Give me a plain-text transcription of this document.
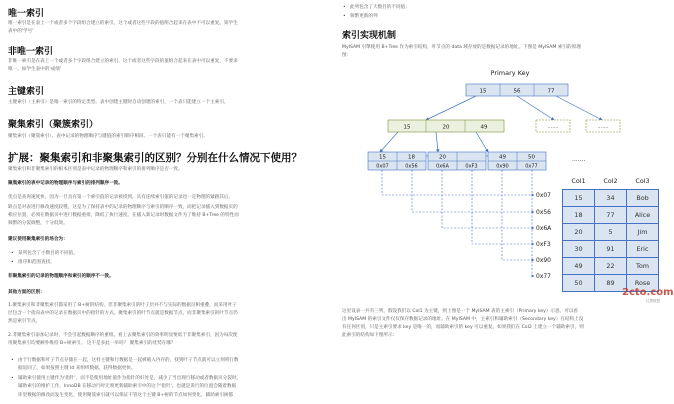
唯一索引
唯一索引是在表上一个或者多个字段组合建立的索引，这个或者这些字段的值组合起来在表中不可以重复。知学生
表中的'学号'
非唯一索引
非唯一索引是在表上一个或者多个字段组合建立的索引，这个或者这些字段的值组合起来在表中可以重复，不要求
唯一。如学生表中的'成绩'
主键索引
主键索引（主索引）是唯一索引的特定类型。表中创建主键时自动创建的索引，一个表只能建立一个主索引。
聚集索引（聚簇索引）
聚集索引（聚簇索引），表中记录的物理顺序与键值的索引顺序相同。一个表只能有一个聚集索引。
扩展：聚集索引和非聚集索引的区别？分别在什么情况下使用？
聚集索引和非聚集索引的根本区别是表中记录的物理顺序和索引的排列顺序是否一致。
聚集索引的表中记录的物理顺序与索引的排列顺序一致。
优点是查询速度快，因为一旦具有第一个索引值的记录被找到，具有连续索引值的记录也一定物理的紧跟其后。
缺点是对表进行修改速度较慢，这是为了保持表中的记录的物理顺序与索引的顺序一致，而把记录插入到数据页的
相应位置，必须在数据页中进行数据重排，降低了执行速度。在插入新记录时数据文件为了维持 B+Tree 的特性而
频繁的分裂调整，十分低效。
建议使用聚集索引的场合为：
• 某列包含了小数目的不同值。
• 排序和范围查找。
非聚集索引的记录的物理顺序和索引的顺序不一致。
其他方面的区别：
1.聚集索引和非聚集索引都采用了 B+树的结构，但非聚集索引的叶子层并不与实际的数据页相重叠，而采用叶子
层包含一个指向表中的记录在数据页中的指针的方式。聚集索引的叶节点就是数据节点，而非聚集索引的叶节点仍
然是索引节点。
2.非聚集索引添加记录时，不会引起数据顺序的重组。看上去聚集索引的效率明显要低于非聚集索引，因为每次使
用聚集索引均要额外维持 B+树索引。 这不是多此一举吗？ 聚集索引的优势在哪？
• 由于行数据和叶子节点存储在一起，这样主键和行数据是一起被载入内存的，找到叶子节点就可以立刻将行数
据返回了，如果按照主键 Id 来组织数据，获得数据更快。
• 辅助索引使用主键作为'指针'，而不是使用地址值作为指针的好处是，减少了当出现行移动或者数据页分裂时，
辅助索引的维护工作，InnoDB 在移动行时无须更新辅助索引中的这个'指针'。也就是说行的位置会随着数据
库里数据的修改而发生变化，使用聚簇索引就可以保证不管这个主键 B+树的节点如何变化，辅助索引树都
• 此列包含了大数目的不同值；
• 频繁更新的列
索引实现机制
MyISAM 引擎使用 B+Tree 作为索引结构，叶节点的 data 域存放的是数据记录的地址。下图是 MyISAM 索引的原理
图：
Primary Key
15	56	77
15	20	49	.......	.......
15	18
0x07	0x56
20
0x6A	0xF3
49	50
0x90	0x77
.......
0x07
0x56
0x6A
0xF3
0x90
0x77
Col1	Col2	Col3
15	34	Bob
18	77	Alice
20	5	Jim
30	91	Eric
49	22	Tom
50	89	Rose
2cto.com
红黑联盟
这里设表一共有三列，假设我们以 Col1 为主键，则上图是一个 MyISAM 表的主索引（Primary key）示意。可以看
出 MyISAM 的索引文件仅仅保存数据记录的地址。在 MyISAM 中，主索引和辅助索引（Secondary key）在结构上没
有任何区别，只是主索引要求 key 是唯一的，而辅助索引的 key 可以重复。如果我们在 Col2 上建立一个辅助索引，则
此索引的结构如下图所示：
